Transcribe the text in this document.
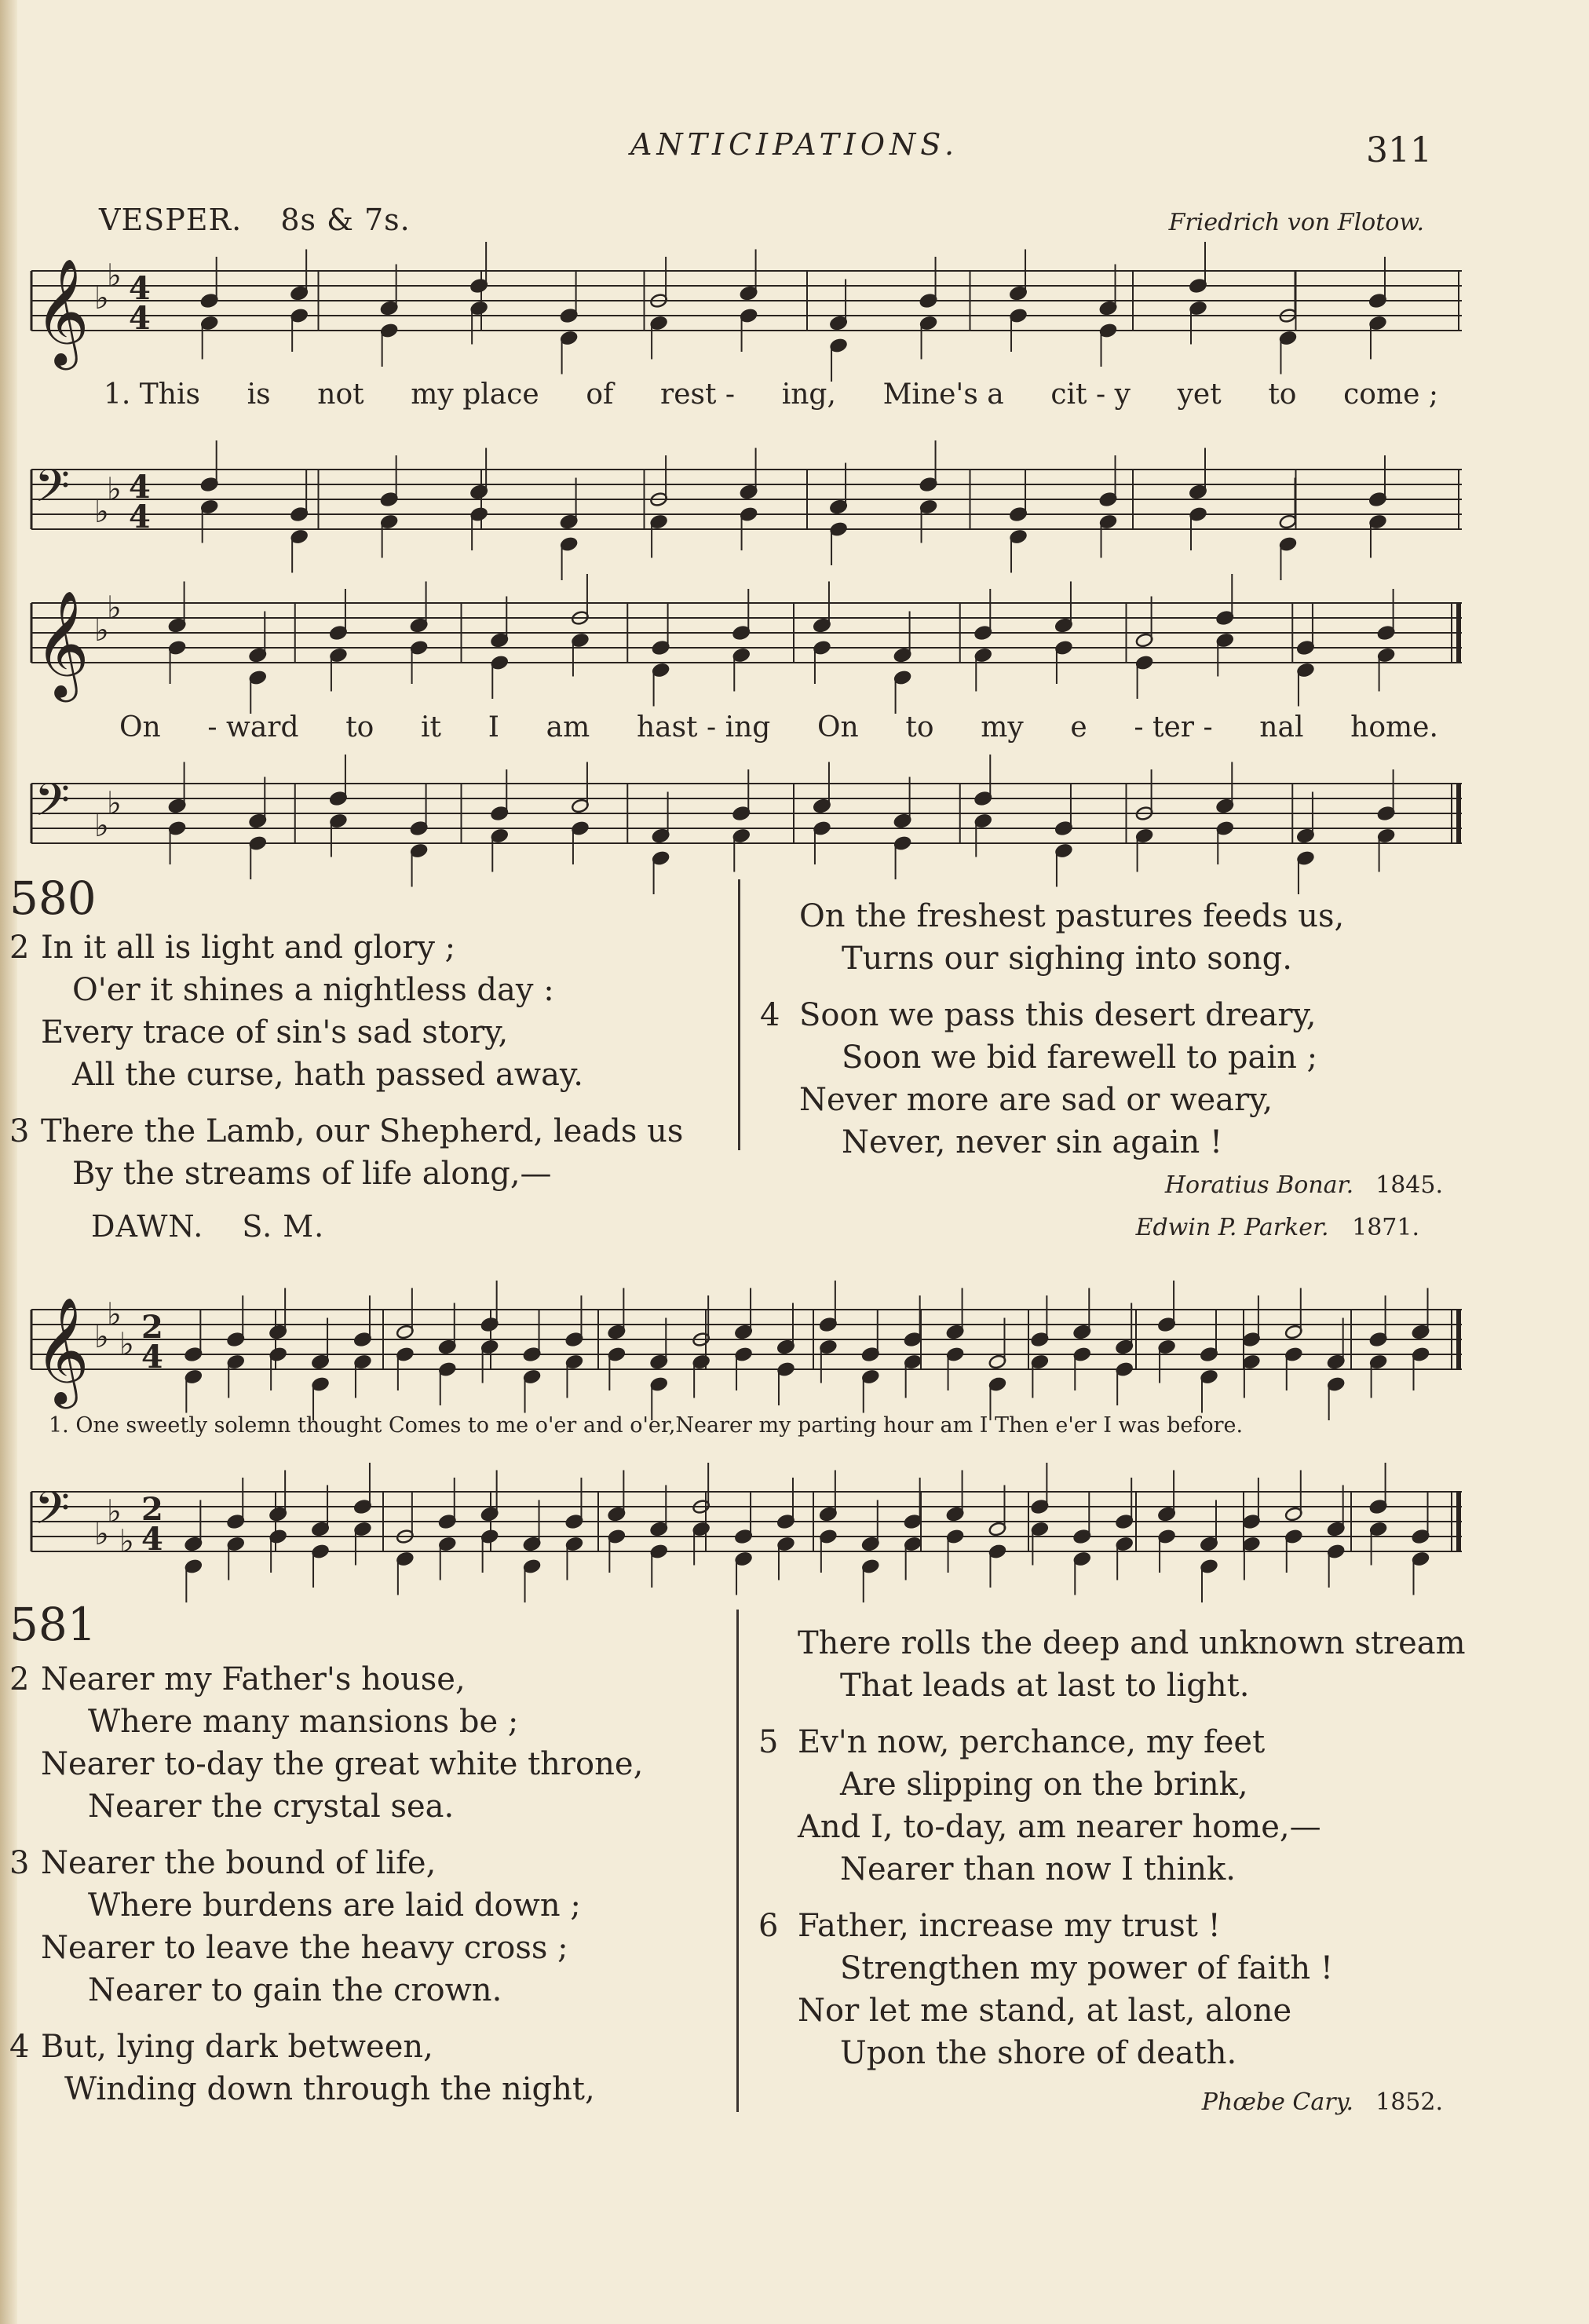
ANTICIPATIONS.	311
VESPER. 8s & 7s.	Friedrich von Flotow.
𝄞 ♭
♭ 4
4
1. This is not my place of rest - ing, Mine's a cit - y yet to come ;
𝄢 ♭
♭ 4
4
𝄞 ♭
♭
On - ward to it I am hast - ing On to my e - ter - nal home.
𝄢 ♭
♭
580
2 In it all is light and glory ;
O'er it shines a nightless day :
Every trace of sin's sad story,
All the curse, hath passed away.
3 There the Lamb, our Shepherd, leads us
By the streams of life along,—
On the freshest pastures feeds us,
Turns our sighing into song.
4 Soon we pass this desert dreary,
Soon we bid farewell to pain ;
Never more are sad or weary,
Never, never sin again !
Horatius Bonar. 1845.
DAWN. S. M.	Edwin P. Parker. 1871.
𝄞 ♭
♭
♭ 2
4
1. One sweetly solemn thought Comes to me o'er and o'er,Nearer my parting hour am I Then e'er I was before.
𝄢 ♭
♭
♭
2
4
581
2 Nearer my Father's house,
Where many mansions be ;
Nearer to-day the great white throne,
Nearer the crystal sea.
3 Nearer the bound of life,
Where burdens are laid down ;
Nearer to leave the heavy cross ;
Nearer to gain the crown.
4 But, lying dark between,
Winding down through the night,
There rolls the deep and unknown stream
That leads at last to light.
5 Ev'n now, perchance, my feet
Are slipping on the brink,
And I, to-day, am nearer home,—
Nearer than now I think.
6 Father, increase my trust !
Strengthen my power of faith !
Nor let me stand, at last, alone
Upon the shore of death.
Phœbe Cary. 1852.
